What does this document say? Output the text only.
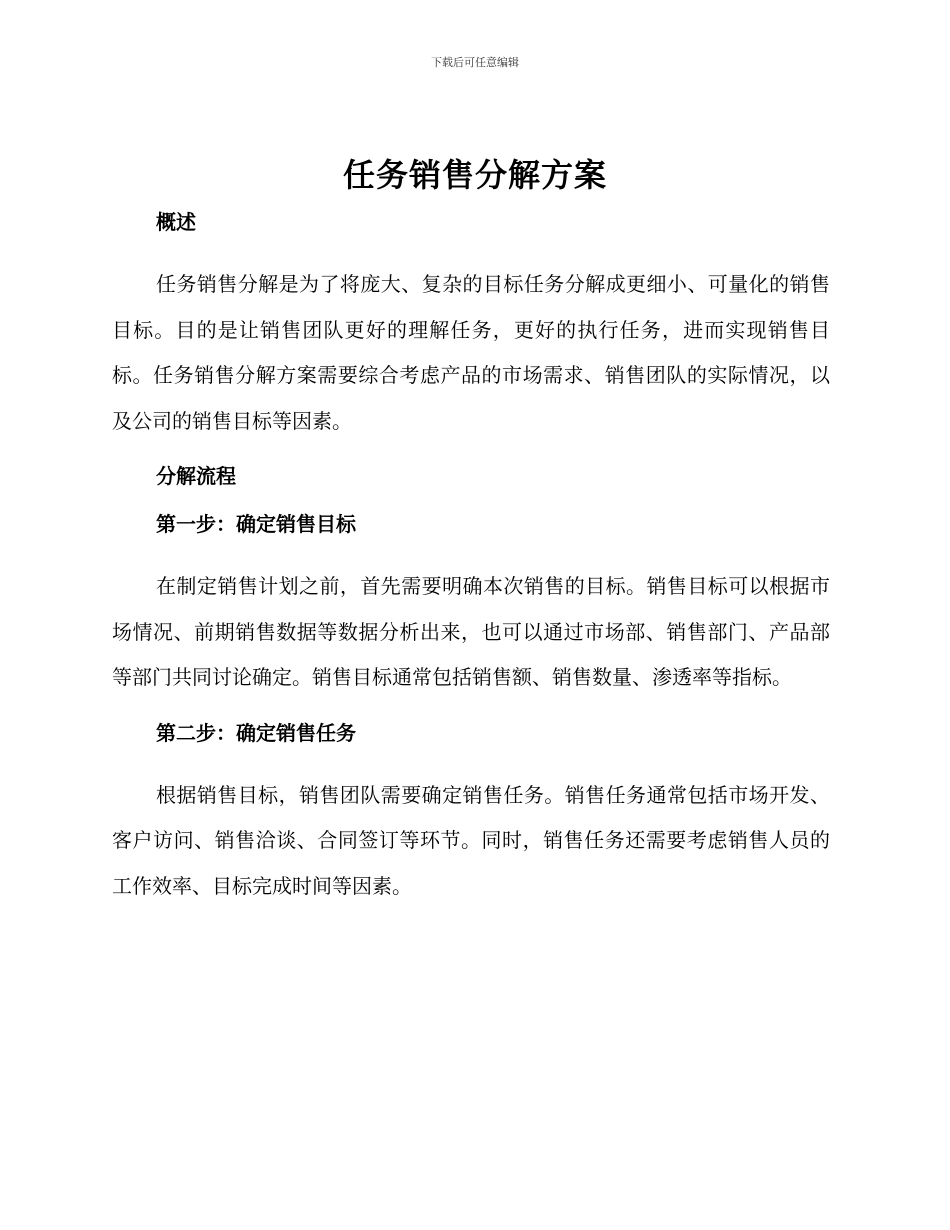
下载后可任意编辑
任务销售分解方案

概述

任务销售分解是为了将庞大、复杂的目标任务分解成更细小、可量化的销售目标。目的是让销售团队更好的理解任务，更好的执行任务，进而实现销售目标。任务销售分解方案需要综合考虑产品的市场需求、销售团队的实际情况，以及公司的销售目标等因素。

分解流程

第一步：确定销售目标

在制定销售计划之前，首先需要明确本次销售的目标。销售目标可以根据市场情况、前期销售数据等数据分析出来，也可以通过市场部、销售部门、产品部等部门共同讨论确定。销售目标通常包括销售额、销售数量、渗透率等指标。

第二步：确定销售任务

根据销售目标，销售团队需要确定销售任务。销售任务通常包括市场开发、客户访问、销售洽谈、合同签订等环节。同时，销售任务还需要考虑销售人员的工作效率、目标完成时间等因素。
